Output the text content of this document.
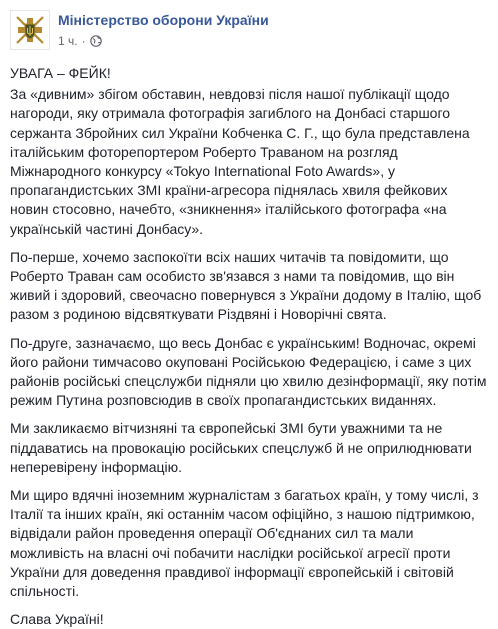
Міністерство оборони України
1 ч. ·

УВАГА – ФЕЙК!

За «дивним» збігом обставин, невдовзі після нашої публікації щодо нагороди, яку отримала фотографія загиблого на Донбасі старшого сержанта Збройних сил України Кобченка С. Г., що була представлена італійським фоторепортером Роберто Травaном на розгляд Міжнародного конкурсу «Tokyo International Foto Awards», у пропагандистських ЗМІ країни-агресора піднялась хвиля фейкових новин стосовно, начебто, «зникнення» італійського фотографа «на українській частині Донбасу».

По-перше, хочемо заспокоїти всіх наших читачів та повідомити, що Роберто Траван сам особисто зв'язався з нами та повідомив, що він живий і здоровий, свеочасно повернувся з України додому в Італію, щоб разом з родиною відсвяткувати Різдвяні і Новорічні свята.

По-друге, зазначаємо, що весь Донбас є українським! Водночас, окремі його райони тимчасово окуповані Російською Федерацією, і саме з цих районів російські спецслужби підняли цю хвилю дезінформації, яку потім режим Путина розповсюдив в своїх пропагандистських виданнях.

Ми закликаємо вітчизняні та європейські ЗМІ бути уважними та не піддаватись на провокацію російських спецслужб й не оприлюднювати неперевірену інформацію.

Ми щиро вдячні іноземним журналістам з багатьох країн, у тому числі, з Італії та інших країн, які останнім часом офіційно, з нашою підтримкою, відвідали район проведення операції Об'єднаних сил та мали можливість на власні очі побачити наслідки російської агресії проти України для доведення правдивої інформації європейській і світовій спільності.

Слава Україні!
